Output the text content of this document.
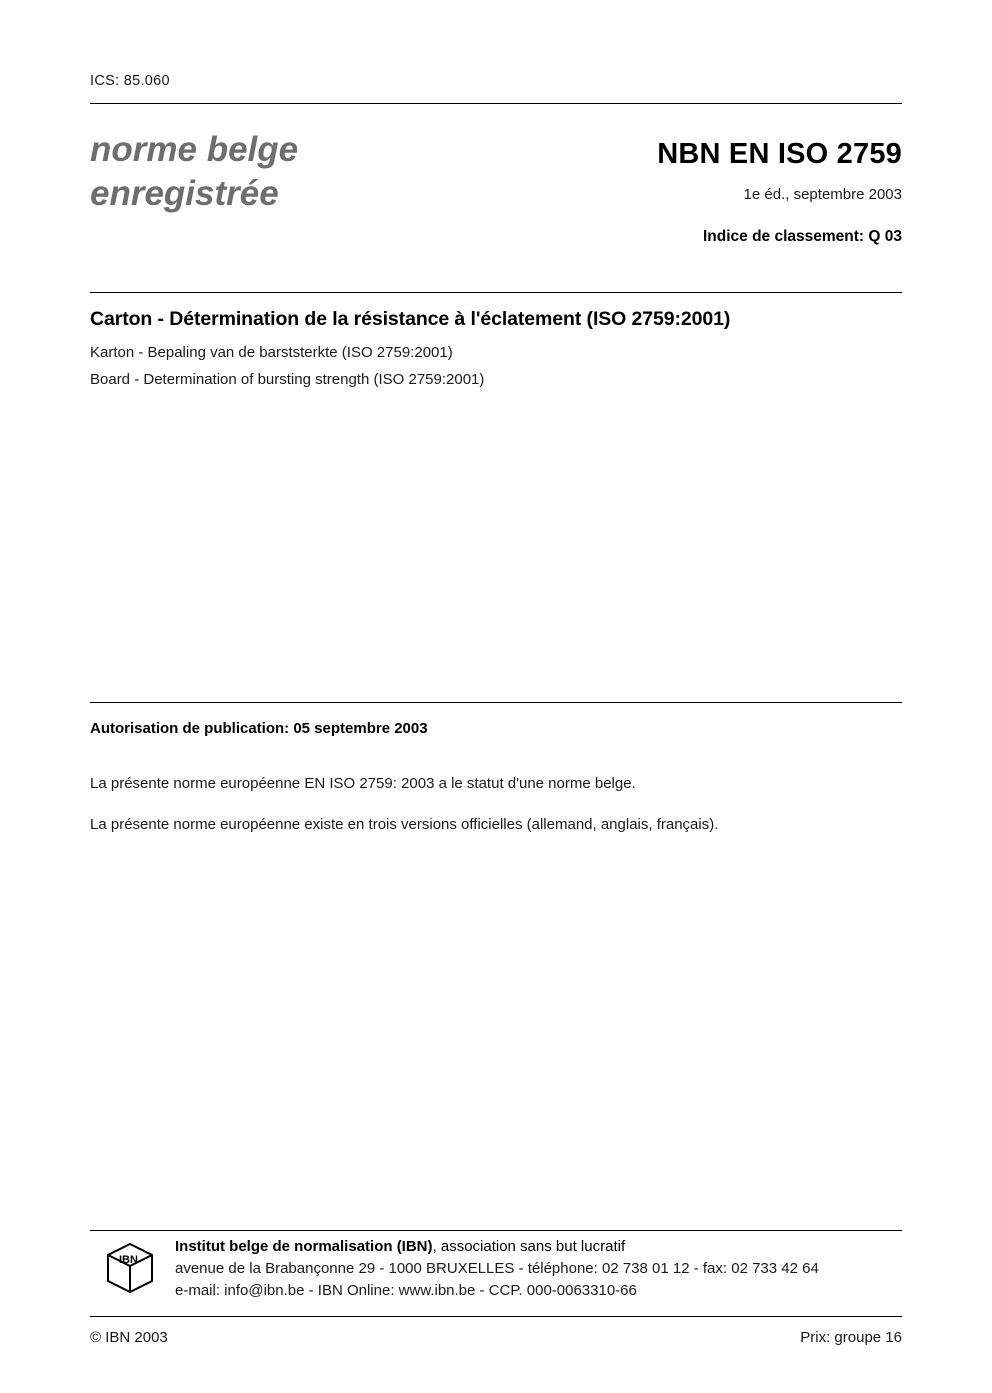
ICS: 85.060
norme belge
enregistrée
NBN EN ISO 2759
1e éd., septembre 2003
Indice de classement: Q 03
Carton - Détermination de la résistance à l'éclatement (ISO 2759:2001)
Karton - Bepaling van de barststerkte (ISO 2759:2001)
Board - Determination of bursting strength (ISO 2759:2001)
Autorisation de publication: 05 septembre 2003
La présente norme européenne EN ISO 2759: 2003 a le statut d'une norme belge.
La présente norme européenne existe en trois versions officielles (allemand, anglais, français).
IBN
Institut belge de normalisation (IBN), association sans but lucratif
avenue de la Brabançonne 29 - 1000 BRUXELLES - téléphone: 02 738 01 12 - fax: 02 733 42 64
e-mail: info@ibn.be - IBN Online: www.ibn.be - CCP. 000-0063310-66
© IBN 2003	Prix: groupe 16
